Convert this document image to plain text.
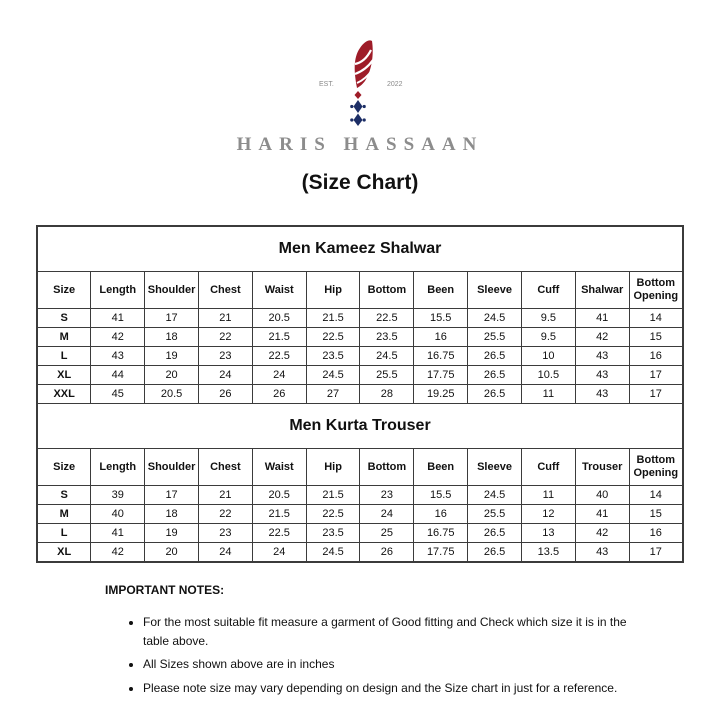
EST.	2022
HARIS HASSAAN
(Size Chart)
Men Kameez Shalwar											
Size	Length	Shoulder	Chest	Waist	Hip	Bottom	Been	Sleeve	Cuff	Shalwar	Bottom Opening
S	41	17	21	20.5	21.5	22.5	15.5	24.5	9.5	41	14
M	42	18	22	21.5	22.5	23.5	16	25.5	9.5	42	15
L	43	19	23	22.5	23.5	24.5	16.75	26.5	10	43	16
XL	44	20	24	24	24.5	25.5	17.75	26.5	10.5	43	17
XXL	45	20.5	26	26	27	28	19.25	26.5	11	43	17
Men Kurta Trouser											
Size	Length	Shoulder	Chest	Waist	Hip	Bottom	Been	Sleeve	Cuff	Trouser	Bottom Opening
S	39	17	21	20.5	21.5	23	15.5	24.5	11	40	14
M	40	18	22	21.5	22.5	24	16	25.5	12	41	15
L	41	19	23	22.5	23.5	25	16.75	26.5	13	42	16
XL	42	20	24	24	24.5	26	17.75	26.5	13.5	43	17
IMPORTANT NOTES:
• For the most suitable fit measure a garment of Good fitting and Check which size it is in the table above.
• All Sizes shown above are in inches
• Please note size may vary depending on design and the Size chart in just for a reference.
